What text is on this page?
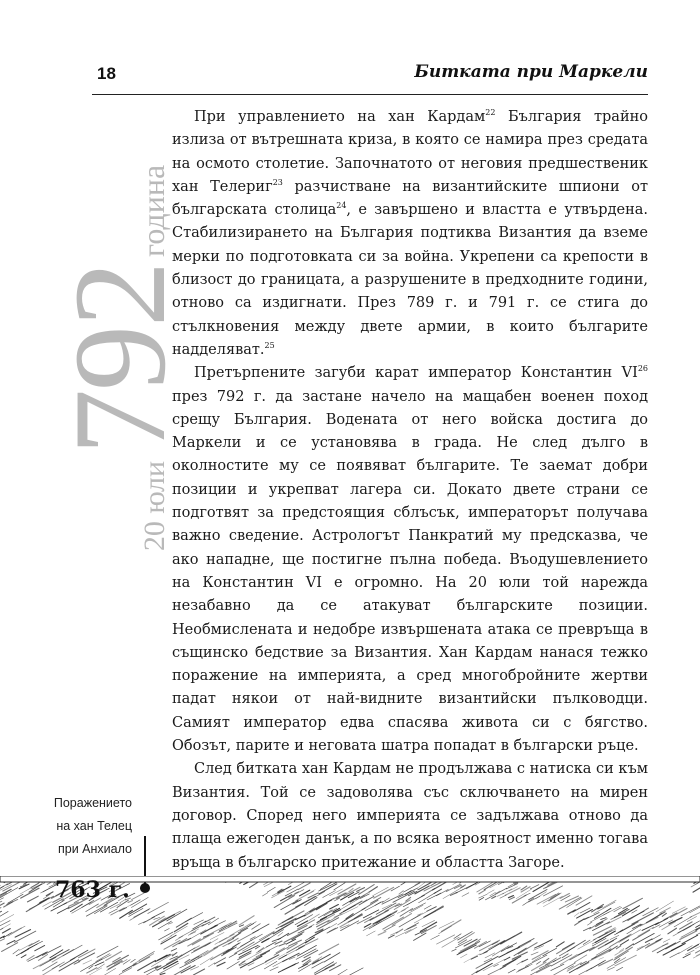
18	Битката при Маркели
20 юли
792
година

При управлението на хан Кардам$^{22}$ България трайно излиза от вътрешната криза, в която се намира през средата на осмото столетие. Започнатото от неговия предшественик хан Телериг$^{23}$ разчистване на византийските шпиони от българската столица$^{24}$, е завършено и властта е утвърдена. Стабилизирането на България подтиква Византия да вземе мерки по подготовката си за война. Укрепени са крепости в близост до границата, а разрушените в предходните години, отново са издигнати. През 789 г. и 791 г. се стига до стълкновения между двете армии, в които българите надделяват.$^{25}$

Претърпените загуби карат император Константин VI$^{26}$ през 792 г. да застане начело на мащабен военен поход срещу България. Водената от него войска достига до Маркели и се установява в града. Не след дълго в околностите му се появяват българите. Те заемат добри позиции и укрепват лагера си. Докато двете страни се подготвят за предстоящия сблъсък, императорът получава важно сведение. Астрологът Панкратий му предсказва, че ако нападне, ще постигне пълна победа. Въодушевлението на Константин VI е огромно. На 20 юли той нарежда незабавно да се атакуват българските позиции. Необмислената и недобре извършената атака се превръща в същинско бедствие за Византия. Хан Кардам нанася тежко поражение на империята, а сред многобройните жертви падат някои от най-видните византийски пълководци. Самият император едва спасява живота си с бягство. Обозът, парите и неговата шатра попадат в български ръце.

След битката хан Кардам не продължава с натиска си към Византия. Той се задоволява със сключването на мирен договор. Според него империята се задължава отново да плаща ежегоден данък, а по всяка вероятност именно тогава връща в българско притежание и областта Загоре.

Поражението
на хан Телец
при Анхиало
763 г.
